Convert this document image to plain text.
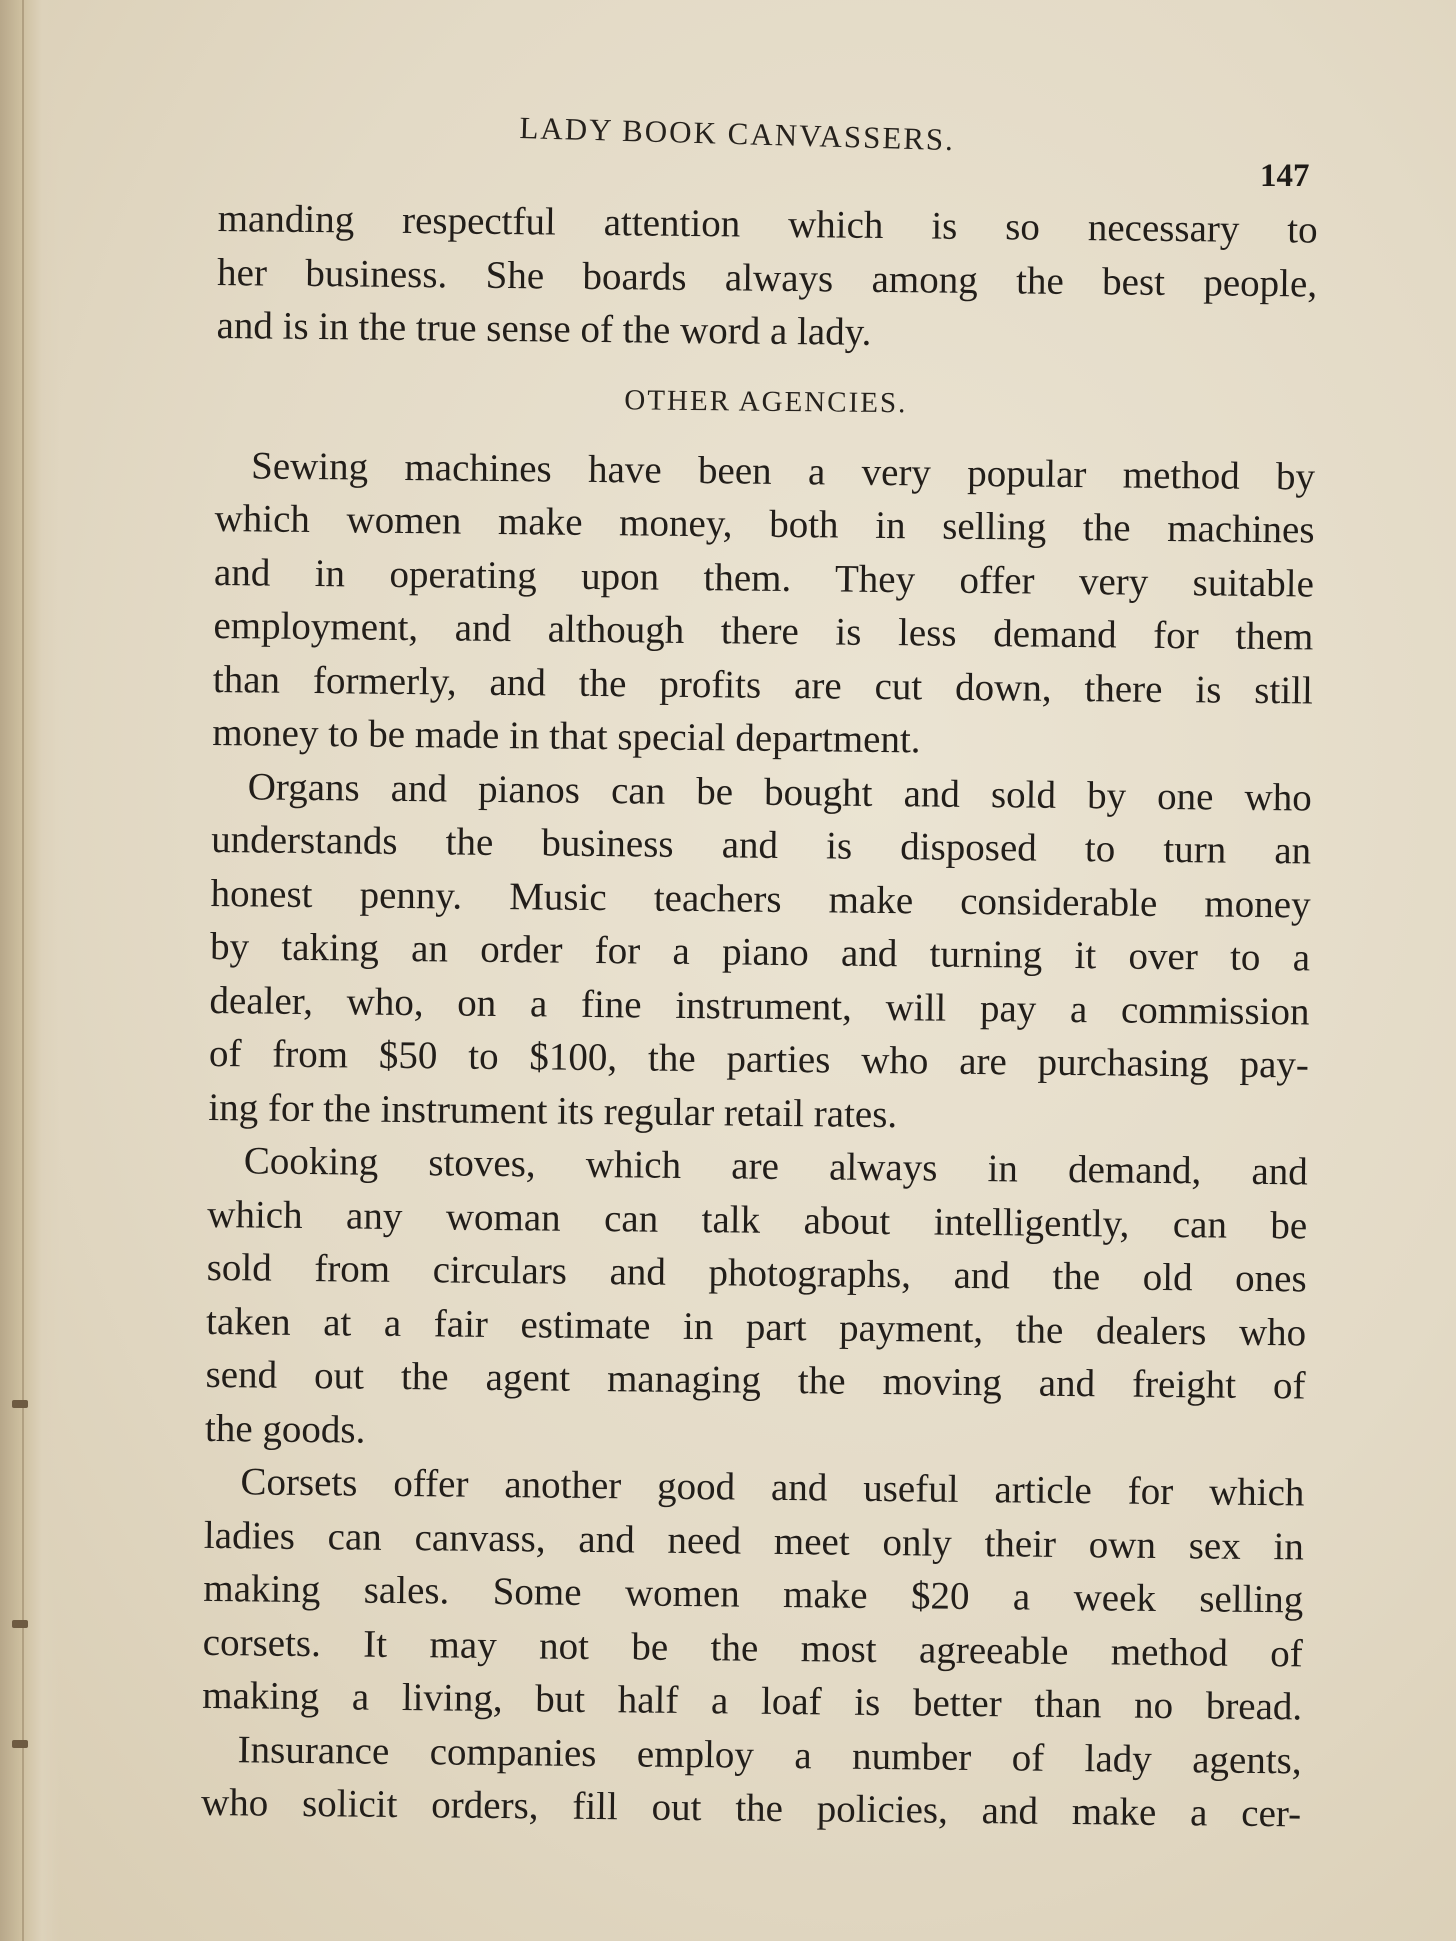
LADY BOOK CANVASSERS.
147
manding respectful attention which is so necessary to
her business. She boards always among the best people,
and is in the true sense of the word a lady.
OTHER AGENCIES.
Sewing machines have been a very popular method by
which women make money, both in selling the machines
and in operating upon them. They offer very suitable
employment, and although there is less demand for them
than formerly, and the profits are cut down, there is still
money to be made in that special department.
Organs and pianos can be bought and sold by one who
understands the business and is disposed to turn an
honest penny. Music teachers make considerable money
by taking an order for a piano and turning it over to a
dealer, who, on a fine instrument, will pay a commission
of from $50 to $100, the parties who are purchasing pay-
ing for the instrument its regular retail rates.
Cooking stoves, which are always in demand, and
which any woman can talk about intelligently, can be
sold from circulars and photographs, and the old ones
taken at a fair estimate in part payment, the dealers who
send out the agent managing the moving and freight of
the goods.
Corsets offer another good and useful article for which
ladies can canvass, and need meet only their own sex in
making sales. Some women make $20 a week selling
corsets. It may not be the most agreeable method of
making a living, but half a loaf is better than no bread.
Insurance companies employ a number of lady agents,
who solicit orders, fill out the policies, and make a cer-
